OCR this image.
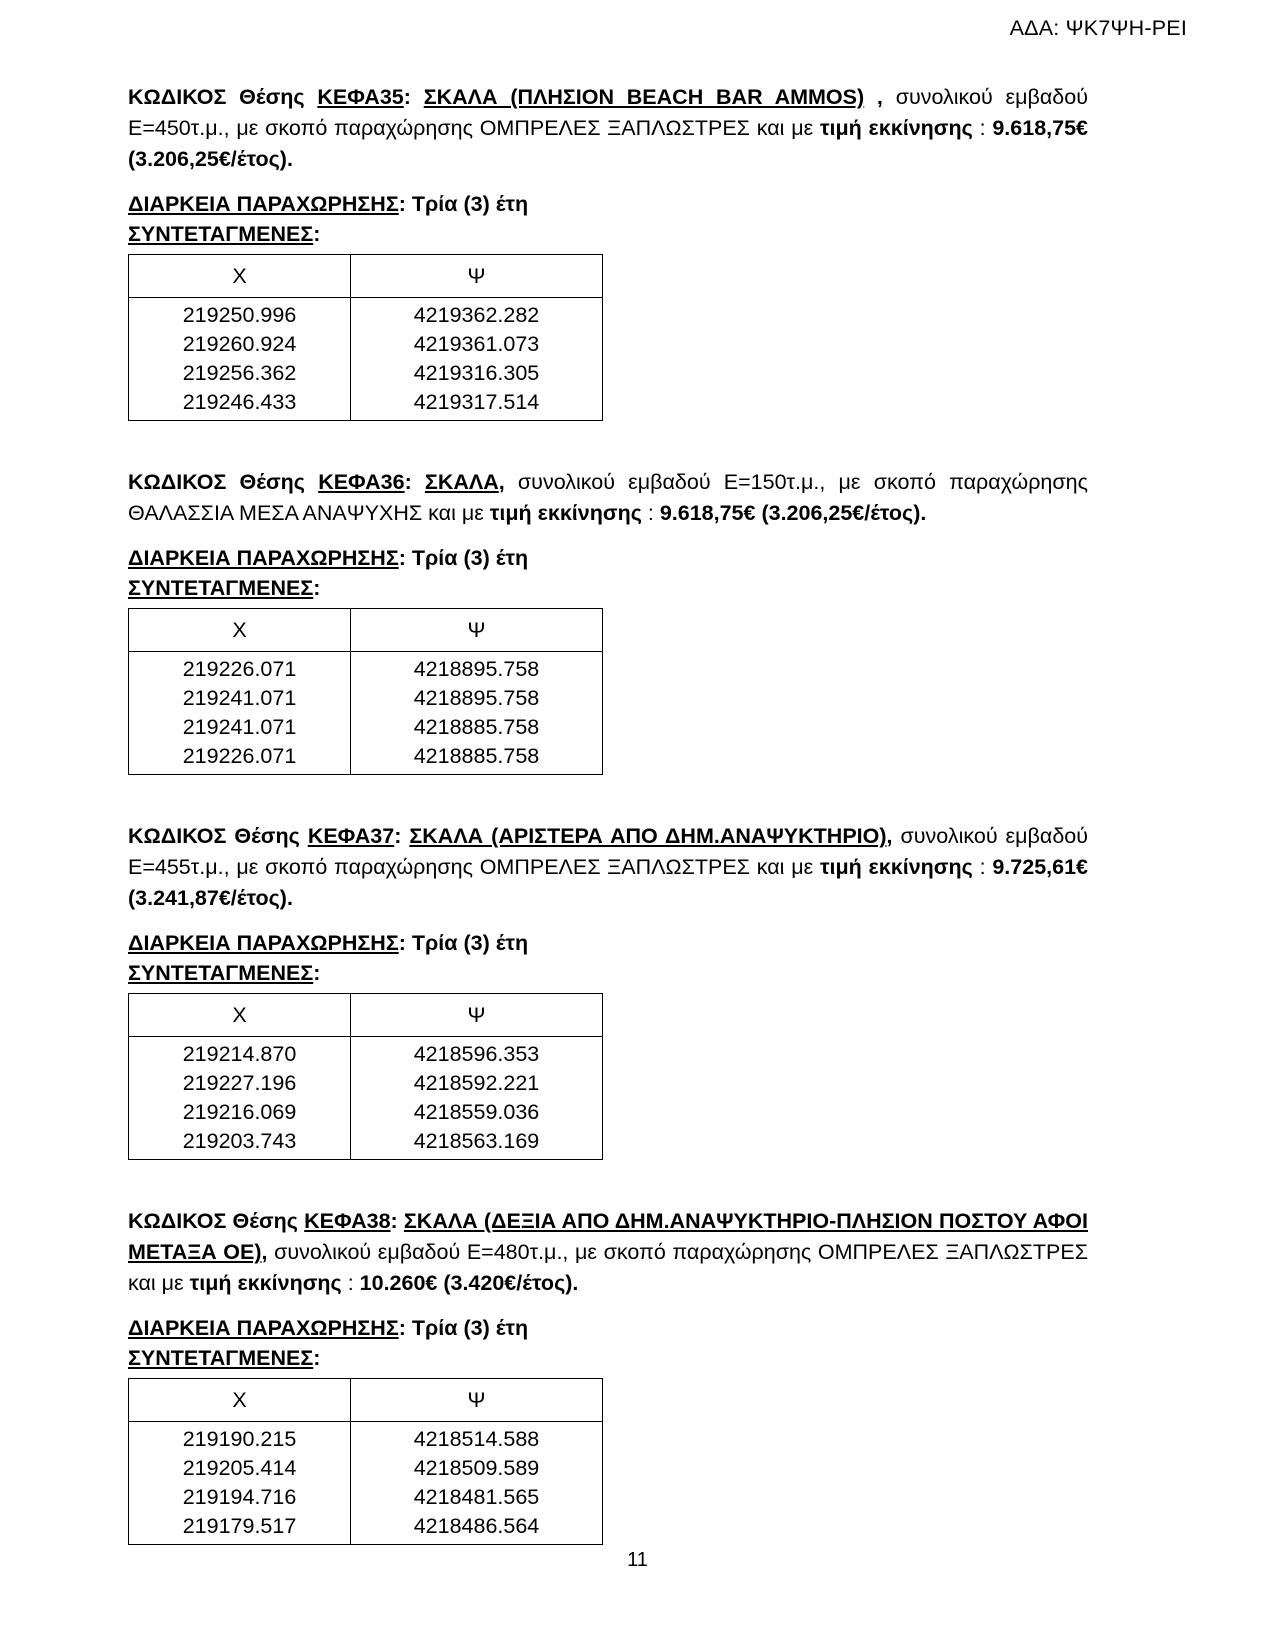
ΑΔΑ: ΨΚ7ΨΗ-ΡΕΙ

ΚΩΔΙΚΟΣ Θέσης ΚΕΦΑ35: ΣΚΑΛΑ (ΠΛΗΣΙΟΝ BEACH BAR AMMOS) , συνολικού εμβαδού Ε=450τ.μ., με σκοπό παραχώρησης ΟΜΠΡΕΛΕΣ ΞΑΠΛΩΣΤΡΕΣ και με τιμή εκκίνησης : 9.618,75€ (3.206,25€/έτος).

ΔΙΑΡΚΕΙΑ ΠΑΡΑΧΩΡΗΣΗΣ: Τρία (3) έτη

ΣΥΝΤΕΤΑΓΜΕΝΕΣ:

Χ	Ψ
219250.996	4219362.282
219260.924	4219361.073
219256.362	4219316.305
219246.433	4219317.514

ΚΩΔΙΚΟΣ Θέσης ΚΕΦΑ36: ΣΚΑΛΑ, συνολικού εμβαδού Ε=150τ.μ., με σκοπό παραχώρησης ΘΑΛΑΣΣΙΑ ΜΕΣΑ ΑΝΑΨΥΧΗΣ και με τιμή εκκίνησης : 9.618,75€ (3.206,25€/έτος).

ΔΙΑΡΚΕΙΑ ΠΑΡΑΧΩΡΗΣΗΣ: Τρία (3) έτη

ΣΥΝΤΕΤΑΓΜΕΝΕΣ:

Χ	Ψ
219226.071	4218895.758
219241.071	4218895.758
219241.071	4218885.758
219226.071	4218885.758

ΚΩΔΙΚΟΣ Θέσης ΚΕΦΑ37: ΣΚΑΛΑ (ΑΡΙΣΤΕΡΑ ΑΠΟ ΔΗΜ.ΑΝΑΨΥΚΤΗΡΙΟ), συνολικού εμβαδού Ε=455τ.μ., με σκοπό παραχώρησης ΟΜΠΡΕΛΕΣ ΞΑΠΛΩΣΤΡΕΣ και με τιμή εκκίνησης : 9.725,61€ (3.241,87€/έτος).

ΔΙΑΡΚΕΙΑ ΠΑΡΑΧΩΡΗΣΗΣ: Τρία (3) έτη

ΣΥΝΤΕΤΑΓΜΕΝΕΣ:

Χ	Ψ
219214.870	4218596.353
219227.196	4218592.221
219216.069	4218559.036
219203.743	4218563.169

ΚΩΔΙΚΟΣ Θέσης ΚΕΦΑ38: ΣΚΑΛΑ (ΔΕΞΙΑ ΑΠΟ ΔΗΜ.ΑΝΑΨΥΚΤΗΡΙΟ-ΠΛΗΣΙΟΝ ΠΟΣΤΟΥ ΑΦΟΙ ΜΕΤΑΞΑ ΟΕ), συνολικού εμβαδού Ε=480τ.μ., με σκοπό παραχώρησης ΟΜΠΡΕΛΕΣ ΞΑΠΛΩΣΤΡΕΣ και με τιμή εκκίνησης : 10.260€ (3.420€/έτος).

ΔΙΑΡΚΕΙΑ ΠΑΡΑΧΩΡΗΣΗΣ: Τρία (3) έτη

ΣΥΝΤΕΤΑΓΜΕΝΕΣ:

Χ	Ψ
219190.215	4218514.588
219205.414	4218509.589
219194.716	4218481.565
219179.517	4218486.564
11
